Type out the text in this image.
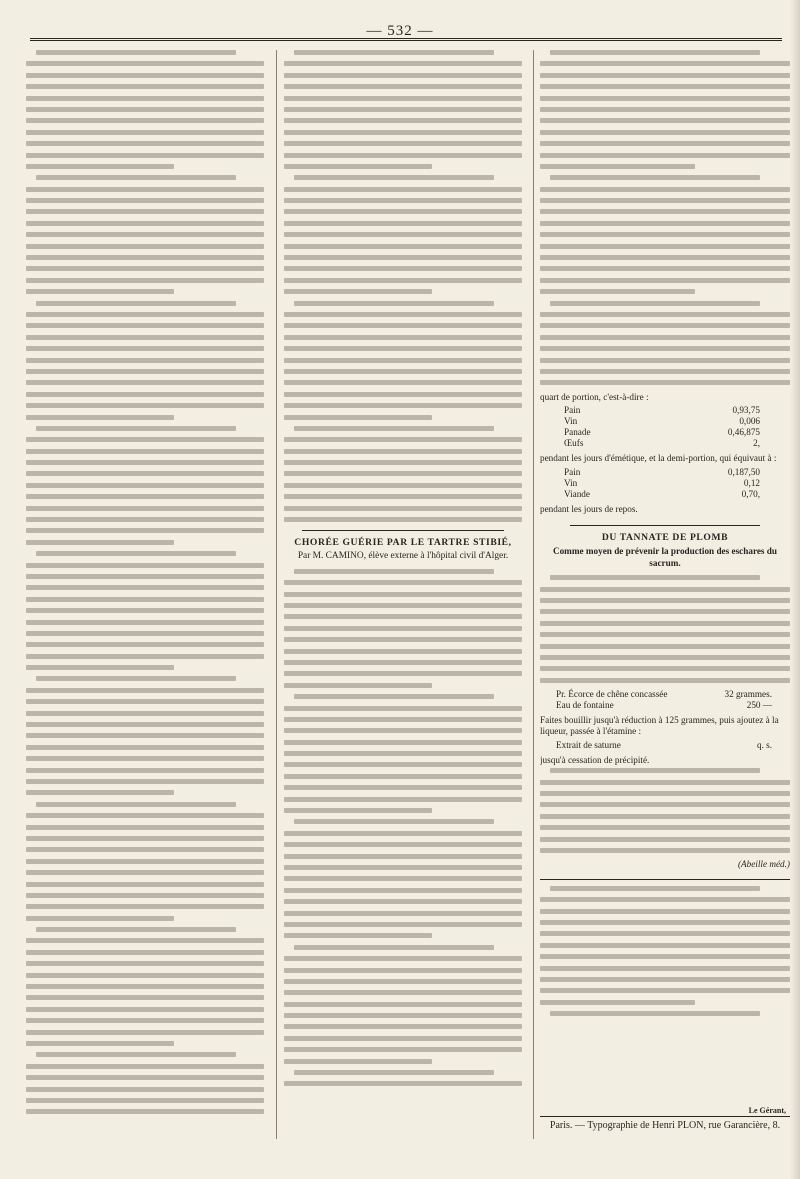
— 532 —
CHORÉE GUÉRIE PAR LE TARTRE STIBIÉ,
Par M. CAMINO, élève externe à l'hôpital civil d'Alger.
quart de portion, c'est-à-dire :
Pain	0,93,75
Vin	0,006
Panade	0,46,875
Œufs	2,
pendant les jours d'émétique, et la demi-portion, qui équivaut à :
Pain	0,187,50
Vin	0,12
Viande	0,70,
pendant les jours de repos.
DU TANNATE DE PLOMB
Comme moyen de prévenir la production des eschares du sacrum.
Pr. Écorce de chêne concassée	32 grammes.
Eau de fontaine	250 —
Faites bouillir jusqu'à réduction à 125 grammes, puis ajoutez à la liqueur, passée à l'étamine :
Extrait de saturne	q. s.
jusqu'à cessation de précipité.
(Abeille méd.)
Le Gérant,
Paris. — Typographie de Henri PLON, rue Garancière, 8.
